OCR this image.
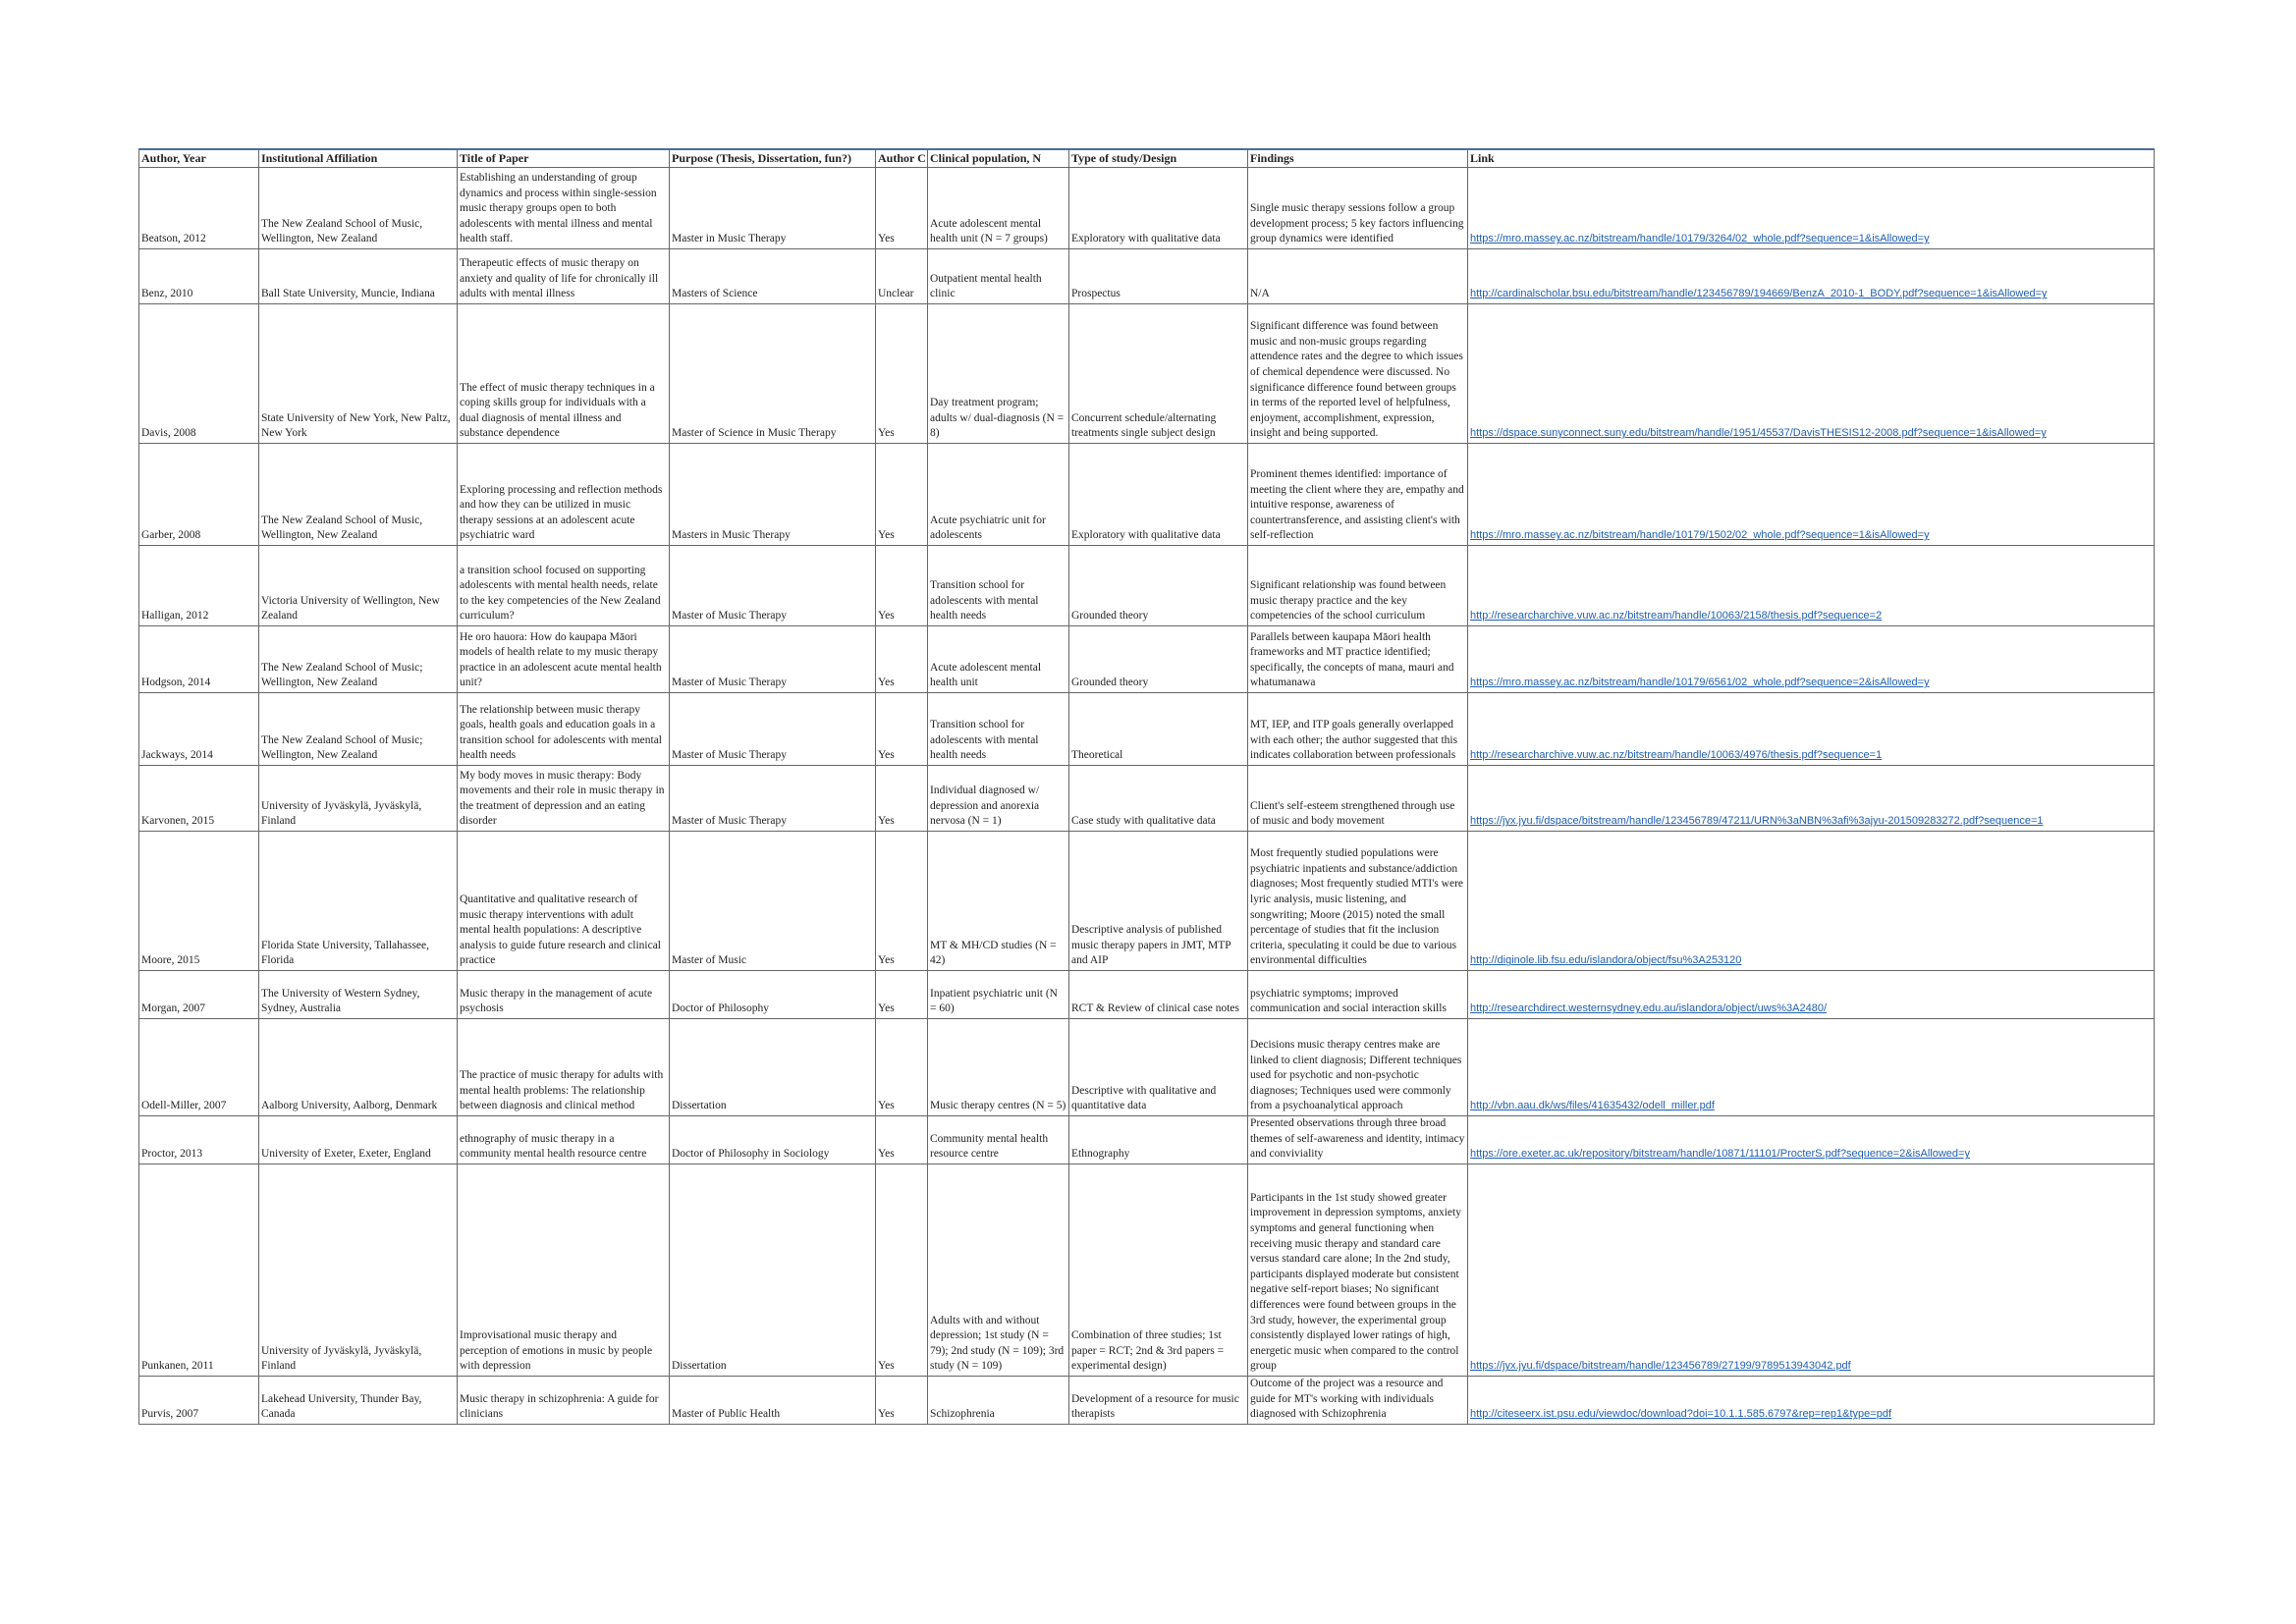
Author, Year	Institutional Affiliation	Title of Paper	Purpose (Thesis, Dissertation, fun?)	Author C	Clinical population, N	Type of study/Design	Findings	Link
Beatson, 2012	The New Zealand School of Music, Wellington, New Zealand	Establishing an understanding of group dynamics and process within single-session music therapy groups open to both adolescents with mental illness and mental health staff.	Master in Music Therapy	Yes	Acute adolescent mental health unit (N = 7 groups)	Exploratory with qualitative data	Single music therapy sessions follow a group development process; 5 key factors influencing group dynamics were identified	https://mro.massey.ac.nz/bitstream/handle/10179/3264/02_whole.pdf?sequence=1&isAllowed=y
Benz, 2010	Ball State University, Muncie, Indiana	Therapeutic effects of music therapy on anxiety and quality of life for chronically ill adults with mental illness	Masters of Science	Unclear	Outpatient mental health clinic	Prospectus	N/A	http://cardinalscholar.bsu.edu/bitstream/handle/123456789/194669/BenzA_2010-1_BODY.pdf?sequence=1&isAllowed=y
Davis, 2008	State University of New York, New Paltz, New York	The effect of music therapy techniques in a coping skills group for individuals with a dual diagnosis of mental illness and substance dependence	Master of Science in Music Therapy	Yes	Day treatment program; adults w/ dual-diagnosis (N = 8)	Concurrent schedule/alternating treatments single subject design	Significant difference was found between music and non-music groups regarding attendence rates and the degree to which issues of chemical dependence were discussed. No significance difference found between groups in terms of the reported level of helpfulness, enjoyment, accomplishment, expression, insight and being supported.	https://dspace.sunyconnect.suny.edu/bitstream/handle/1951/45537/DavisTHESIS12-2008.pdf?sequence=1&isAllowed=y
Garber, 2008	The New Zealand School of Music, Wellington, New Zealand	Exploring processing and reflection methods and how they can be utilized in music therapy sessions at an adolescent acute psychiatric ward	Masters in Music Therapy	Yes	Acute psychiatric unit for adolescents	Exploratory with qualitative data	Prominent themes identified: importance of meeting the client where they are, empathy and intuitive response, awareness of countertransference, and assisting client's with self-reflection	https://mro.massey.ac.nz/bitstream/handle/10179/1502/02_whole.pdf?sequence=1&isAllowed=y
Halligan, 2012	Victoria University of Wellington, New Zealand	a transition school focused on supporting adolescents with mental health needs, relate to the key competencies of the New Zealand curriculum?	Master of Music Therapy	Yes	Transition school for adolescents with mental health needs	Grounded theory	Significant relationship was found between music therapy practice and the key competencies of the school curriculum	http://researcharchive.vuw.ac.nz/bitstream/handle/10063/2158/thesis.pdf?sequence=2
Hodgson, 2014	The New Zealand School of Music; Wellington, New Zealand	He oro hauora: How do kaupapa Māori models of health relate to my music therapy practice in an adolescent acute mental health unit?	Master of Music Therapy	Yes	Acute adolescent mental health unit	Grounded theory	Parallels between kaupapa Māori health frameworks and MT practice identified; specifically, the concepts of mana, mauri and whatumanawa	https://mro.massey.ac.nz/bitstream/handle/10179/6561/02_whole.pdf?sequence=2&isAllowed=y
Jackways, 2014	The New Zealand School of Music; Wellington, New Zealand	The relationship between music therapy goals, health goals and education goals in a transition school for adolescents with mental health needs	Master of Music Therapy	Yes	Transition school for adolescents with mental health needs	Theoretical	MT, IEP, and ITP goals generally overlapped with each other; the author suggested that this indicates collaboration between professionals	http://researcharchive.vuw.ac.nz/bitstream/handle/10063/4976/thesis.pdf?sequence=1
Karvonen, 2015	University of Jyväskylä, Jyväskylä, Finland	My body moves in music therapy: Body movements and their role in music therapy in the treatment of depression and an eating disorder	Master of Music Therapy	Yes	Individual diagnosed w/ depression and anorexia nervosa (N = 1)	Case study with qualitative data	Client's self-esteem strengthened through use of music and body movement	https://jyx.jyu.fi/dspace/bitstream/handle/123456789/47211/URN%3aNBN%3afi%3ajyu-201509283272.pdf?sequence=1
Moore, 2015	Florida State University, Tallahassee, Florida	Quantitative and qualitative research of music therapy interventions with adult mental health populations: A descriptive analysis to guide future research and clinical practice	Master of Music	Yes	MT & MH/CD studies (N = 42)	Descriptive analysis of published music therapy papers in JMT, MTP and AIP	Most frequently studied populations were psychiatric inpatients and substance/addiction diagnoses; Most frequently studied MTI's were lyric analysis, music listening, and songwriting; Moore (2015) noted the small percentage of studies that fit the inclusion criteria, speculating it could be due to various environmental difficulties	http://diginole.lib.fsu.edu/islandora/object/fsu%3A253120
Morgan, 2007	The University of Western Sydney, Sydney, Australia	Music therapy in the management of acute psychosis	Doctor of Philosophy	Yes	Inpatient psychiatric unit (N = 60)	RCT & Review of clinical case notes	psychiatric symptoms; improved communication and social interaction skills	http://researchdirect.westernsydney.edu.au/islandora/object/uws%3A2480/
Odell-Miller, 2007	Aalborg University, Aalborg, Denmark	The practice of music therapy for adults with mental health problems: The relationship between diagnosis and clinical method	Dissertation	Yes	Music therapy centres (N = 5)	Descriptive with qualitative and quantitative data	Decisions music therapy centres make are linked to client diagnosis; Different techniques used for psychotic and non-psychotic diagnoses; Techniques used were commonly from a psychoanalytical approach	http://vbn.aau.dk/ws/files/41635432/odell_miller.pdf
Proctor, 2013	University of Exeter, Exeter, England	ethnography of music therapy in a community mental health resource centre	Doctor of Philosophy in Sociology	Yes	Community mental health resource centre	Ethnography	Presented observations through three broad themes of self-awareness and identity, intimacy and conviviality	https://ore.exeter.ac.uk/repository/bitstream/handle/10871/11101/ProcterS.pdf?sequence=2&isAllowed=y
Punkanen, 2011	University of Jyväskylä, Jyväskylä, Finland	Improvisational music therapy and perception of emotions in music by people with depression	Dissertation	Yes	Adults with and without depression; 1st study (N = 79); 2nd study (N = 109); 3rd study (N = 109)	Combination of three studies; 1st paper = RCT; 2nd & 3rd papers = experimental design)	Participants in the 1st study showed greater improvement in depression symptoms, anxiety symptoms and general functioning when receiving music therapy and standard care versus standard care alone; In the 2nd study, participants displayed moderate but consistent negative self-report biases; No significant differences were found between groups in the 3rd study, however, the experimental group consistently displayed lower ratings of high, energetic music when compared to the control group	https://jyx.jyu.fi/dspace/bitstream/handle/123456789/27199/9789513943042.pdf
Purvis, 2007	Lakehead University, Thunder Bay, Canada	Music therapy in schizophrenia: A guide for clinicians	Master of Public Health	Yes	Schizophrenia	Development of a resource for music therapists	Outcome of the project was a resource and guide for MT's working with individuals diagnosed with Schizophrenia	http://citeseerx.ist.psu.edu/viewdoc/download?doi=10.1.1.585.6797&rep=rep1&type=pdf
